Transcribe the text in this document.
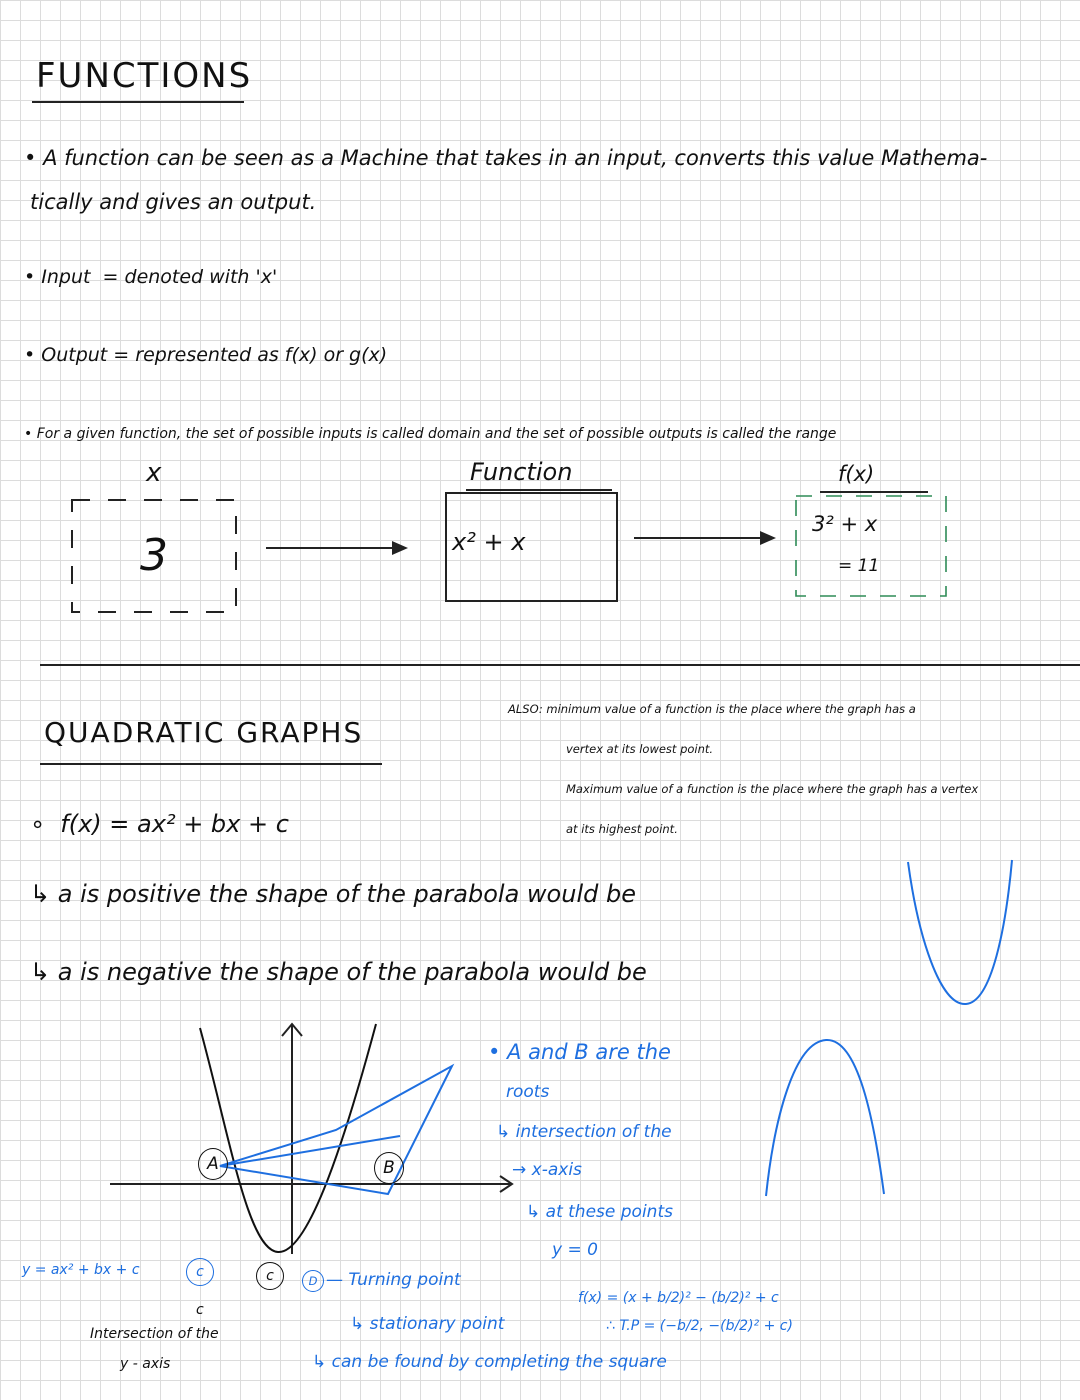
FUNCTIONS
• A function can be seen as a Machine that takes in an input, converts this value Mathema-
tically and gives an output.
• Input = denoted with 'x'
• Output = represented as f(x) or g(x)
• For a given function, the set of possible inputs is called domain and the set of possible outputs is called the range
x	Function	f(x)
3	x² + x
3² + x
= 11
ALSO: minimum value of a function is the place where the graph has a
vertex at its lowest point.
Maximum value of a function is the place where the graph has a vertex
at its highest point.
QUADRATIC GRAPHS
∘  f(x) = ax² + bx + c
↳ a is positive the shape of the parabola would be
↳ a is negative the shape of the parabola would be
A	B
y = ax² + bx + c	c	c
c
Intersection of the
y - axis
D — Turning point
↳ stationary point
↳ can be found by completing the square
• A and B are the
roots
↳ intersection of the
→ x-axis
↳ at these points
y = 0
f(x) = (x + b/2)² − (b/2)² + c
∴ T.P = (−b/2, −(b/2)² + c)
